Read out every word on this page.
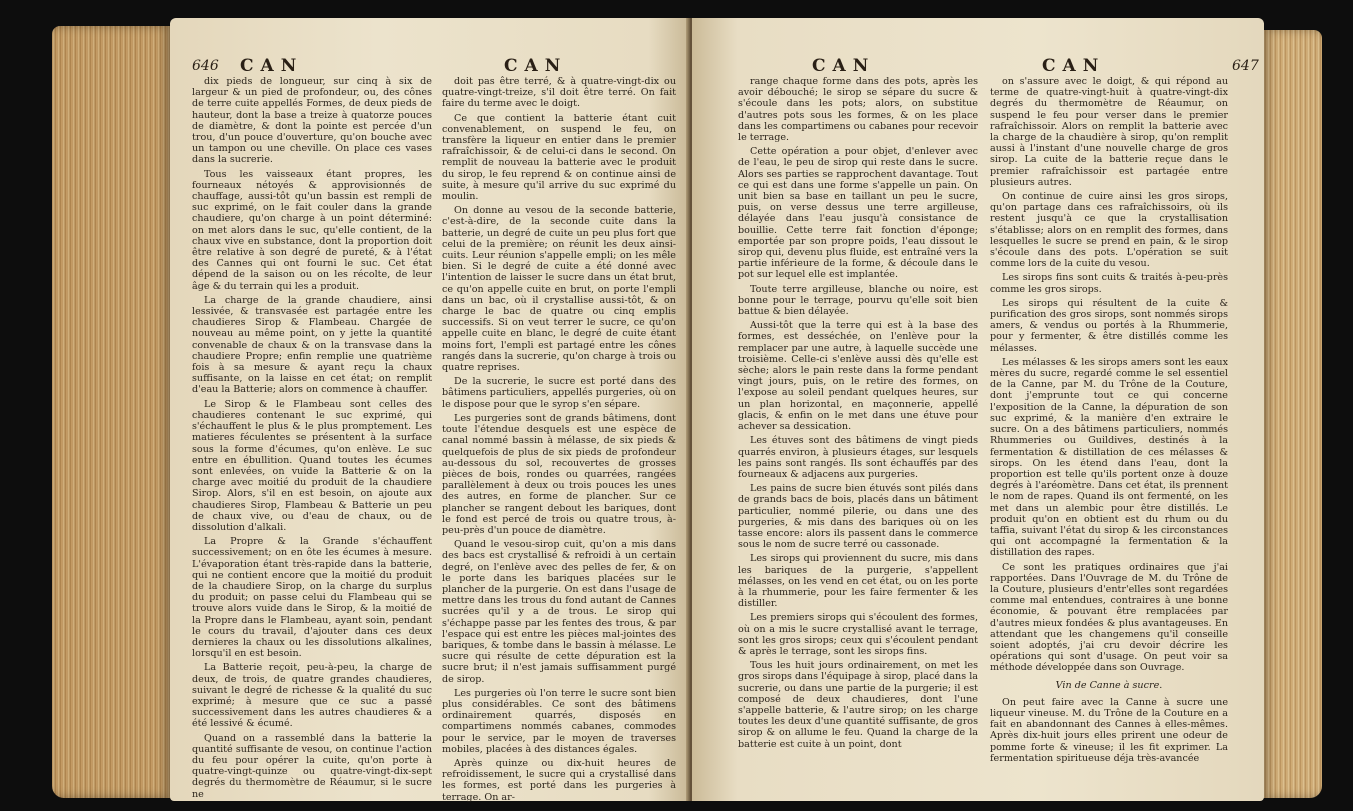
646 CAN	CAN

dix pieds de longueur, sur cinq à six de largeur & un pied de profondeur, ou, des cônes de terre cuite appellés Formes, de deux pieds de hauteur, dont la base a treize à quatorze pouces de diamètre, & dont la pointe est percée d'un trou, d'un pouce d'ouverture, qu'on bouche avec un tampon ou une cheville. On place ces vases dans la sucrerie.

Tous les vaisseaux étant propres, les fourneaux nétoyés & approvisionnés de chauffage, aussi-tôt qu'un bassin est rempli de suc exprimé, on le fait couler dans la grande chaudiere, qu'on charge à un point déterminé: on met alors dans le suc, qu'elle contient, de la chaux vive en substance, dont la proportion doit être relative à son degré de pureté, & à l'état des Cannes qui ont fourni le suc. Cet état dépend de la saison ou on les récolte, de leur âge & du terrain qui les a produit.

La charge de la grande chaudiere, ainsi lessivée, & transvasée est partagée entre les chaudieres Sirop & Flambeau. Chargée de nouveau au même point, on y jette la quantité convenable de chaux & on la transvase dans la chaudiere Propre; enfin remplie une quatrième fois à sa mesure & ayant reçu la chaux suffisante, on la laisse en cet état; on remplit d'eau la Batterie; alors on commence à chauffer.

Le Sirop & le Flambeau sont celles des chaudieres contenant le suc exprimé, qui s'échauffent le plus & le plus promptement. Les matieres féculentes se présentent à la surface sous la forme d'écumes, qu'on enlève. Le suc entre en ébullition. Quand toutes les écumes sont enlevées, on vuide la Batterie & on la charge avec moitié du produit de la chaudiere Sirop. Alors, s'il en est besoin, on ajoute aux chaudieres Sirop, Flambeau & Batterie un peu de chaux vive, ou d'eau de chaux, ou de dissolution d'alkali.

La Propre & la Grande s'échauffent successivement; on en ôte les écumes à mesure. L'évaporation étant très-rapide dans la batterie, qui ne contient encore que la moitié du produit de la chaudiere Sirop, on la charge du surplus du produit; on passe celui du Flambeau qui se trouve alors vuide dans le Sirop, & la moitié de la Propre dans le Flambeau, ayant soin, pendant le cours du travail, d'ajouter dans ces deux dernieres la chaux ou les dissolutions alkalines, lorsqu'il en est besoin.

La Batterie reçoit, peu-à-peu, la charge de deux, de trois, de quatre grandes chaudieres, suivant le degré de richesse & la qualité du suc exprimé; à mesure que ce suc a passé successivement dans les autres chaudieres & a été lessivé & écumé.

Quand on a rassemblé dans la batterie la quantité suffisante de vesou, on continue l'action du feu pour opérer la cuite, qu'on porte à quatre-vingt-quinze ou quatre-vingt-dix-sept degrés du thermomètre de Réaumur, si le sucre ne

doit pas être terré, & à quatre-vingt-dix ou quatre-vingt-treize, s'il doit être terré. On fait faire du terme avec le doigt.

Ce que contient la batterie étant cuit convenablement, on suspend le feu, on transfère la liqueur en entier dans le premier rafraîchissoir, & de celui-ci dans le second. On remplit de nouveau la batterie avec le produit du sirop, le feu reprend & on continue ainsi de suite, à mesure qu'il arrive du suc exprimé du moulin.

On donne au vesou de la seconde batterie, c'est-à-dire, de la seconde cuite dans la batterie, un degré de cuite un peu plus fort que celui de la première; on réunit les deux ainsi-cuits. Leur réunion s'appelle empli; on les mêle bien. Si le degré de cuite a été donné avec l'intention de laisser le sucre dans un état brut, ce qu'on appelle cuite en brut, on porte l'empli dans un bac, où il crystallise aussi-tôt, & on charge le bac de quatre ou cinq emplis successifs. Si on veut terrer le sucre, ce qu'on appelle cuite en blanc, le degré de cuite étant moins fort, l'empli est partagé entre les cônes rangés dans la sucrerie, qu'on charge à trois ou quatre reprises.

De la sucrerie, le sucre est porté dans des bâtimens particuliers, appellés purgeries, où on le dispose pour que le syrop s'en sépare.

Les purgeries sont de grands bâtimens, dont toute l'étendue desquels est une espèce de canal nommé bassin à mélasse, de six pieds & quelquefois de plus de six pieds de profondeur au-dessous du sol, recouvertes de grosses pièces de bois, rondes ou quarrées, rangées parallèlement à deux ou trois pouces les unes des autres, en forme de plancher. Sur ce plancher se rangent debout les bariques, dont le fond est percé de trois ou quatre trous, à-peu-près d'un pouce de diamètre.

Quand le vesou-sirop cuit, qu'on a mis dans des bacs est crystallisé & refroidi à un certain degré, on l'enlève avec des pelles de fer, & on le porte dans les bariques placées sur le plancher de la purgerie. On est dans l'usage de mettre dans les trous du fond autant de Cannes sucrées qu'il y a de trous. Le sirop qui s'échappe passe par les fentes des trous, & par l'espace qui est entre les pièces mal-jointes des bariques, & tombe dans le bassin à mélasse. Le sucre qui résulte de cette dépuration est la sucre brut; il n'est jamais suffisamment purgé de sirop.

Les purgeries où l'on terre le sucre sont bien plus considérables. Ce sont des bâtimens ordinairement quarrés, disposés en compartimens nommés cabanes, commodes pour le service, par le moyen de traverses mobiles, placées à des distances égales.

Après quinze ou dix-huit heures de refroidissement, le sucre qui a crystallisé dans les formes, est porté dans les purgeries à terrage. On ar-

CAN	CAN	647

range chaque forme dans des pots, après les avoir débouché; le sirop se sépare du sucre & s'écoule dans les pots; alors, on substitue d'autres pots sous les formes, & on les place dans les compartimens ou cabanes pour recevoir le terrage.

Cette opération a pour objet, d'enlever avec de l'eau, le peu de sirop qui reste dans le sucre. Alors ses parties se rapprochent davantage. Tout ce qui est dans une forme s'appelle un pain. On unit bien sa base en taillant un peu le sucre, puis, on verse dessus une terre argilleuse, délayée dans l'eau jusqu'à consistance de bouillie. Cette terre fait fonction d'éponge; emportée par son propre poids, l'eau dissout le sirop qui, devenu plus fluide, est entraîné vers la partie inférieure de la forme, & découle dans le pot sur lequel elle est implantée.

Toute terre argilleuse, blanche ou noire, est bonne pour le terrage, pourvu qu'elle soit bien battue & bien délayée.

Aussi-tôt que la terre qui est à la base des formes, est desséchée, on l'enlève pour la remplacer par une autre, à laquelle succède une troisième. Celle-ci s'enlève aussi dès qu'elle est sèche; alors le pain reste dans la forme pendant vingt jours, puis, on le retire des formes, on l'expose au soleil pendant quelques heures, sur un plan horizontal, en maçonnerie, appellé glacis, & enfin on le met dans une étuve pour achever sa dessication.

Les étuves sont des bâtimens de vingt pieds quarrés environ, à plusieurs étages, sur lesquels les pains sont rangés. Ils sont échauffés par des fourneaux & adjacens aux purgeries.

Les pains de sucre bien étuvés sont pilés dans de grands bacs de bois, placés dans un bâtiment particulier, nommé pilerie, ou dans une des purgeries, & mis dans des bariques où on les tasse encore: alors ils passent dans le commerce sous le nom de sucre terré ou cassonade.

Les sirops qui proviennent du sucre, mis dans les bariques de la purgerie, s'appellent mélasses, on les vend en cet état, ou on les porte à la rhummerie, pour les faire fermenter & les distiller.

Les premiers sirops qui s'écoulent des formes, où on a mis le sucre crystallisé avant le terrage, sont les gros sirops; ceux qui s'écoulent pendant & après le terrage, sont les sirops fins.

Tous les huit jours ordinairement, on met les gros sirops dans l'équipage à sirop, placé dans la sucrerie, ou dans une partie de la purgerie; il est composé de deux chaudieres, dont l'une s'appelle batterie, & l'autre sirop; on les charge toutes les deux d'une quantité suffisante, de gros sirop & on allume le feu. Quand la charge de la batterie est cuite à un point, dont

on s'assure avec le doigt, & qui répond au terme de quatre-vingt-huit à quatre-vingt-dix degrés du thermomètre de Réaumur, on suspend le feu pour verser dans le premier rafraîchissoir. Alors on remplit la batterie avec la charge de la chaudière à sirop, qu'on remplit aussi à l'instant d'une nouvelle charge de gros sirop. La cuite de la batterie reçue dans le premier rafraîchissoir est partagée entre plusieurs autres.

On continue de cuire ainsi les gros sirops, qu'on partage dans ces rafraîchissoirs, où ils restent jusqu'à ce que la crystallisation s'établisse; alors on en remplit des formes, dans lesquelles le sucre se prend en pain, & le sirop s'écoule dans des pots. L'opération se suit comme lors de la cuite du vesou.

Les sirops fins sont cuits & traités à-peu-près comme les gros sirops.

Les sirops qui résultent de la cuite & purification des gros sirops, sont nommés sirops amers, & vendus ou portés à la Rhummerie, pour y fermenter, & être distillés comme les mélasses.

Les mélasses & les sirops amers sont les eaux mères du sucre, regardé comme le sel essentiel de la Canne, par M. du Trône de la Couture, dont j'emprunte tout ce qui concerne l'exposition de la Canne, la dépuration de son suc exprimé, & la manière d'en extraire le sucre. On a des bâtimens particuliers, nommés Rhummeries ou Guildives, destinés à la fermentation & distillation de ces mélasses & sirops. On les étend dans l'eau, dont la proportion est telle qu'ils portent onze à douze degrés à l'aréomètre. Dans cet état, ils prennent le nom de rapes. Quand ils ont fermenté, on les met dans un alembic pour être distillés. Le produit qu'on en obtient est du rhum ou du taffia, suivant l'état du sirop & les circonstances qui ont accompagné la fermentation & la distillation des rapes.

Ce sont les pratiques ordinaires que j'ai rapportées. Dans l'Ouvrage de M. du Trône de la Couture, plusieurs d'entr'elles sont regardées comme mal entendues, contraires à une bonne économie, & pouvant être remplacées par d'autres mieux fondées & plus avantageuses. En attendant que les changemens qu'il conseille soient adoptés, j'ai cru devoir décrire les opérations qui sont d'usage. On peut voir sa méthode développée dans son Ouvrage.

Vin de Canne à sucre.

On peut faire avec la Canne à sucre une liqueur vineuse. M. du Trône de la Couture en a fait en abandonnant des Cannes à elles-mêmes. Après dix-huit jours elles prirent une odeur de pomme forte & vineuse; il les fit exprimer. La fermentation spiritueuse déja très-avancée
